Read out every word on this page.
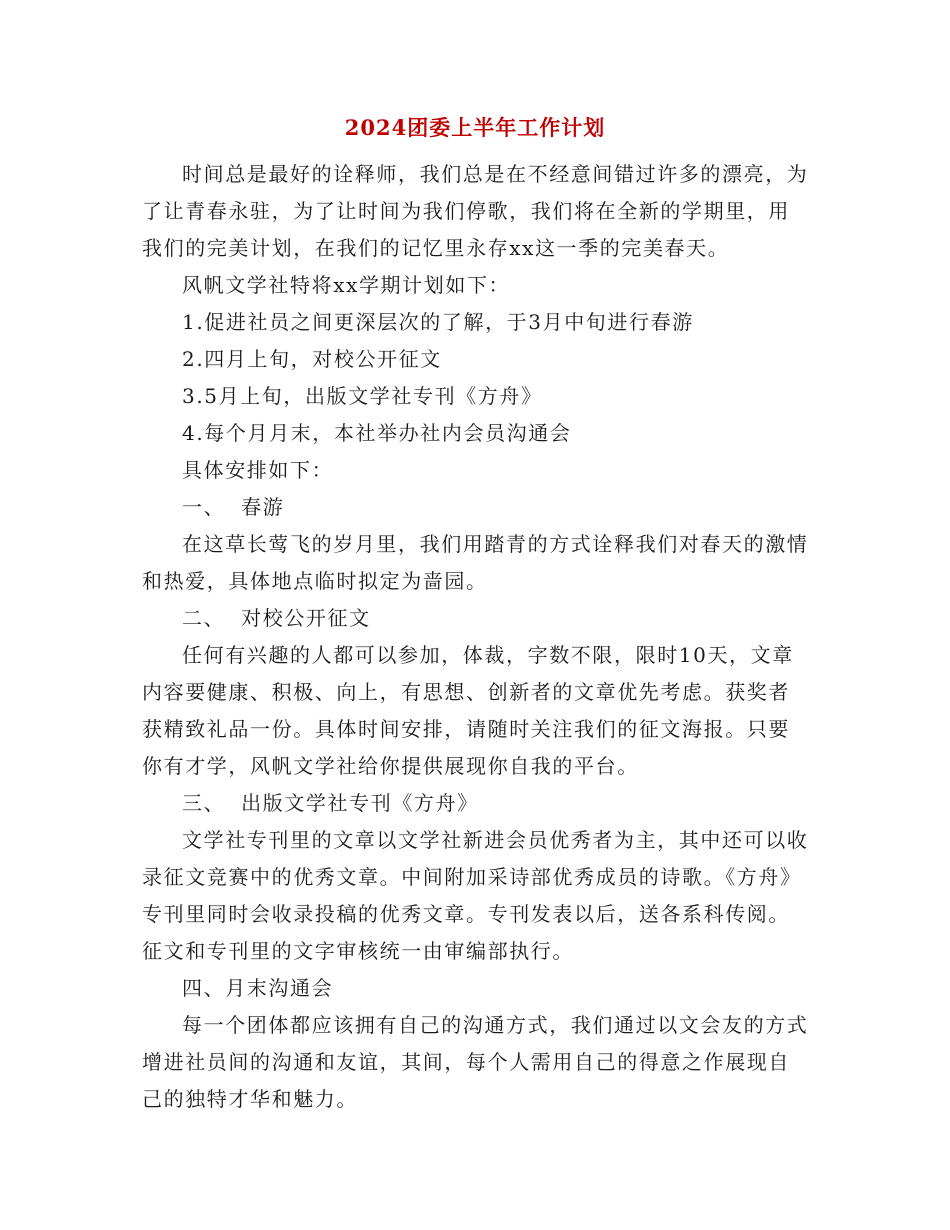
2024团委上半年工作计划

时间总是最好的诠释师，我们总是在不经意间错过许多的漂亮，为了让青春永驻，为了让时间为我们停歌，我们将在全新的学期里，用我们的完美计划，在我们的记忆里永存xx这一季的完美春天。

风帆文学社特将xx学期计划如下：

1.促进社员之间更深层次的了解，于3月中旬进行春游

2.四月上旬，对校公开征文

3.5月上旬，出版文学社专刊《方舟》

4.每个月月末，本社举办社内会员沟通会

具体安排如下：

一、  春游

在这草长莺飞的岁月里，我们用踏青的方式诠释我们对春天的激情和热爱，具体地点临时拟定为啬园。

二、  对校公开征文

任何有兴趣的人都可以参加，体裁，字数不限，限时10天，文章内容要健康、积极、向上，有思想、创新者的文章优先考虑。获奖者获精致礼品一份。具体时间安排，请随时关注我们的征文海报。只要你有才学，风帆文学社给你提供展现你自我的平台。

三、  出版文学社专刊《方舟》

文学社专刊里的文章以文学社新进会员优秀者为主，其中还可以收录征文竞赛中的优秀文章。中间附加采诗部优秀成员的诗歌。《方舟》专刊里同时会收录投稿的优秀文章。专刊发表以后，送各系科传阅。征文和专刊里的文字审核统一由审编部执行。

四、月末沟通会

每一个团体都应该拥有自己的沟通方式，我们通过以文会友的方式增进社员间的沟通和友谊，其间，每个人需用自己的得意之作展现自己的独特才华和魅力。
